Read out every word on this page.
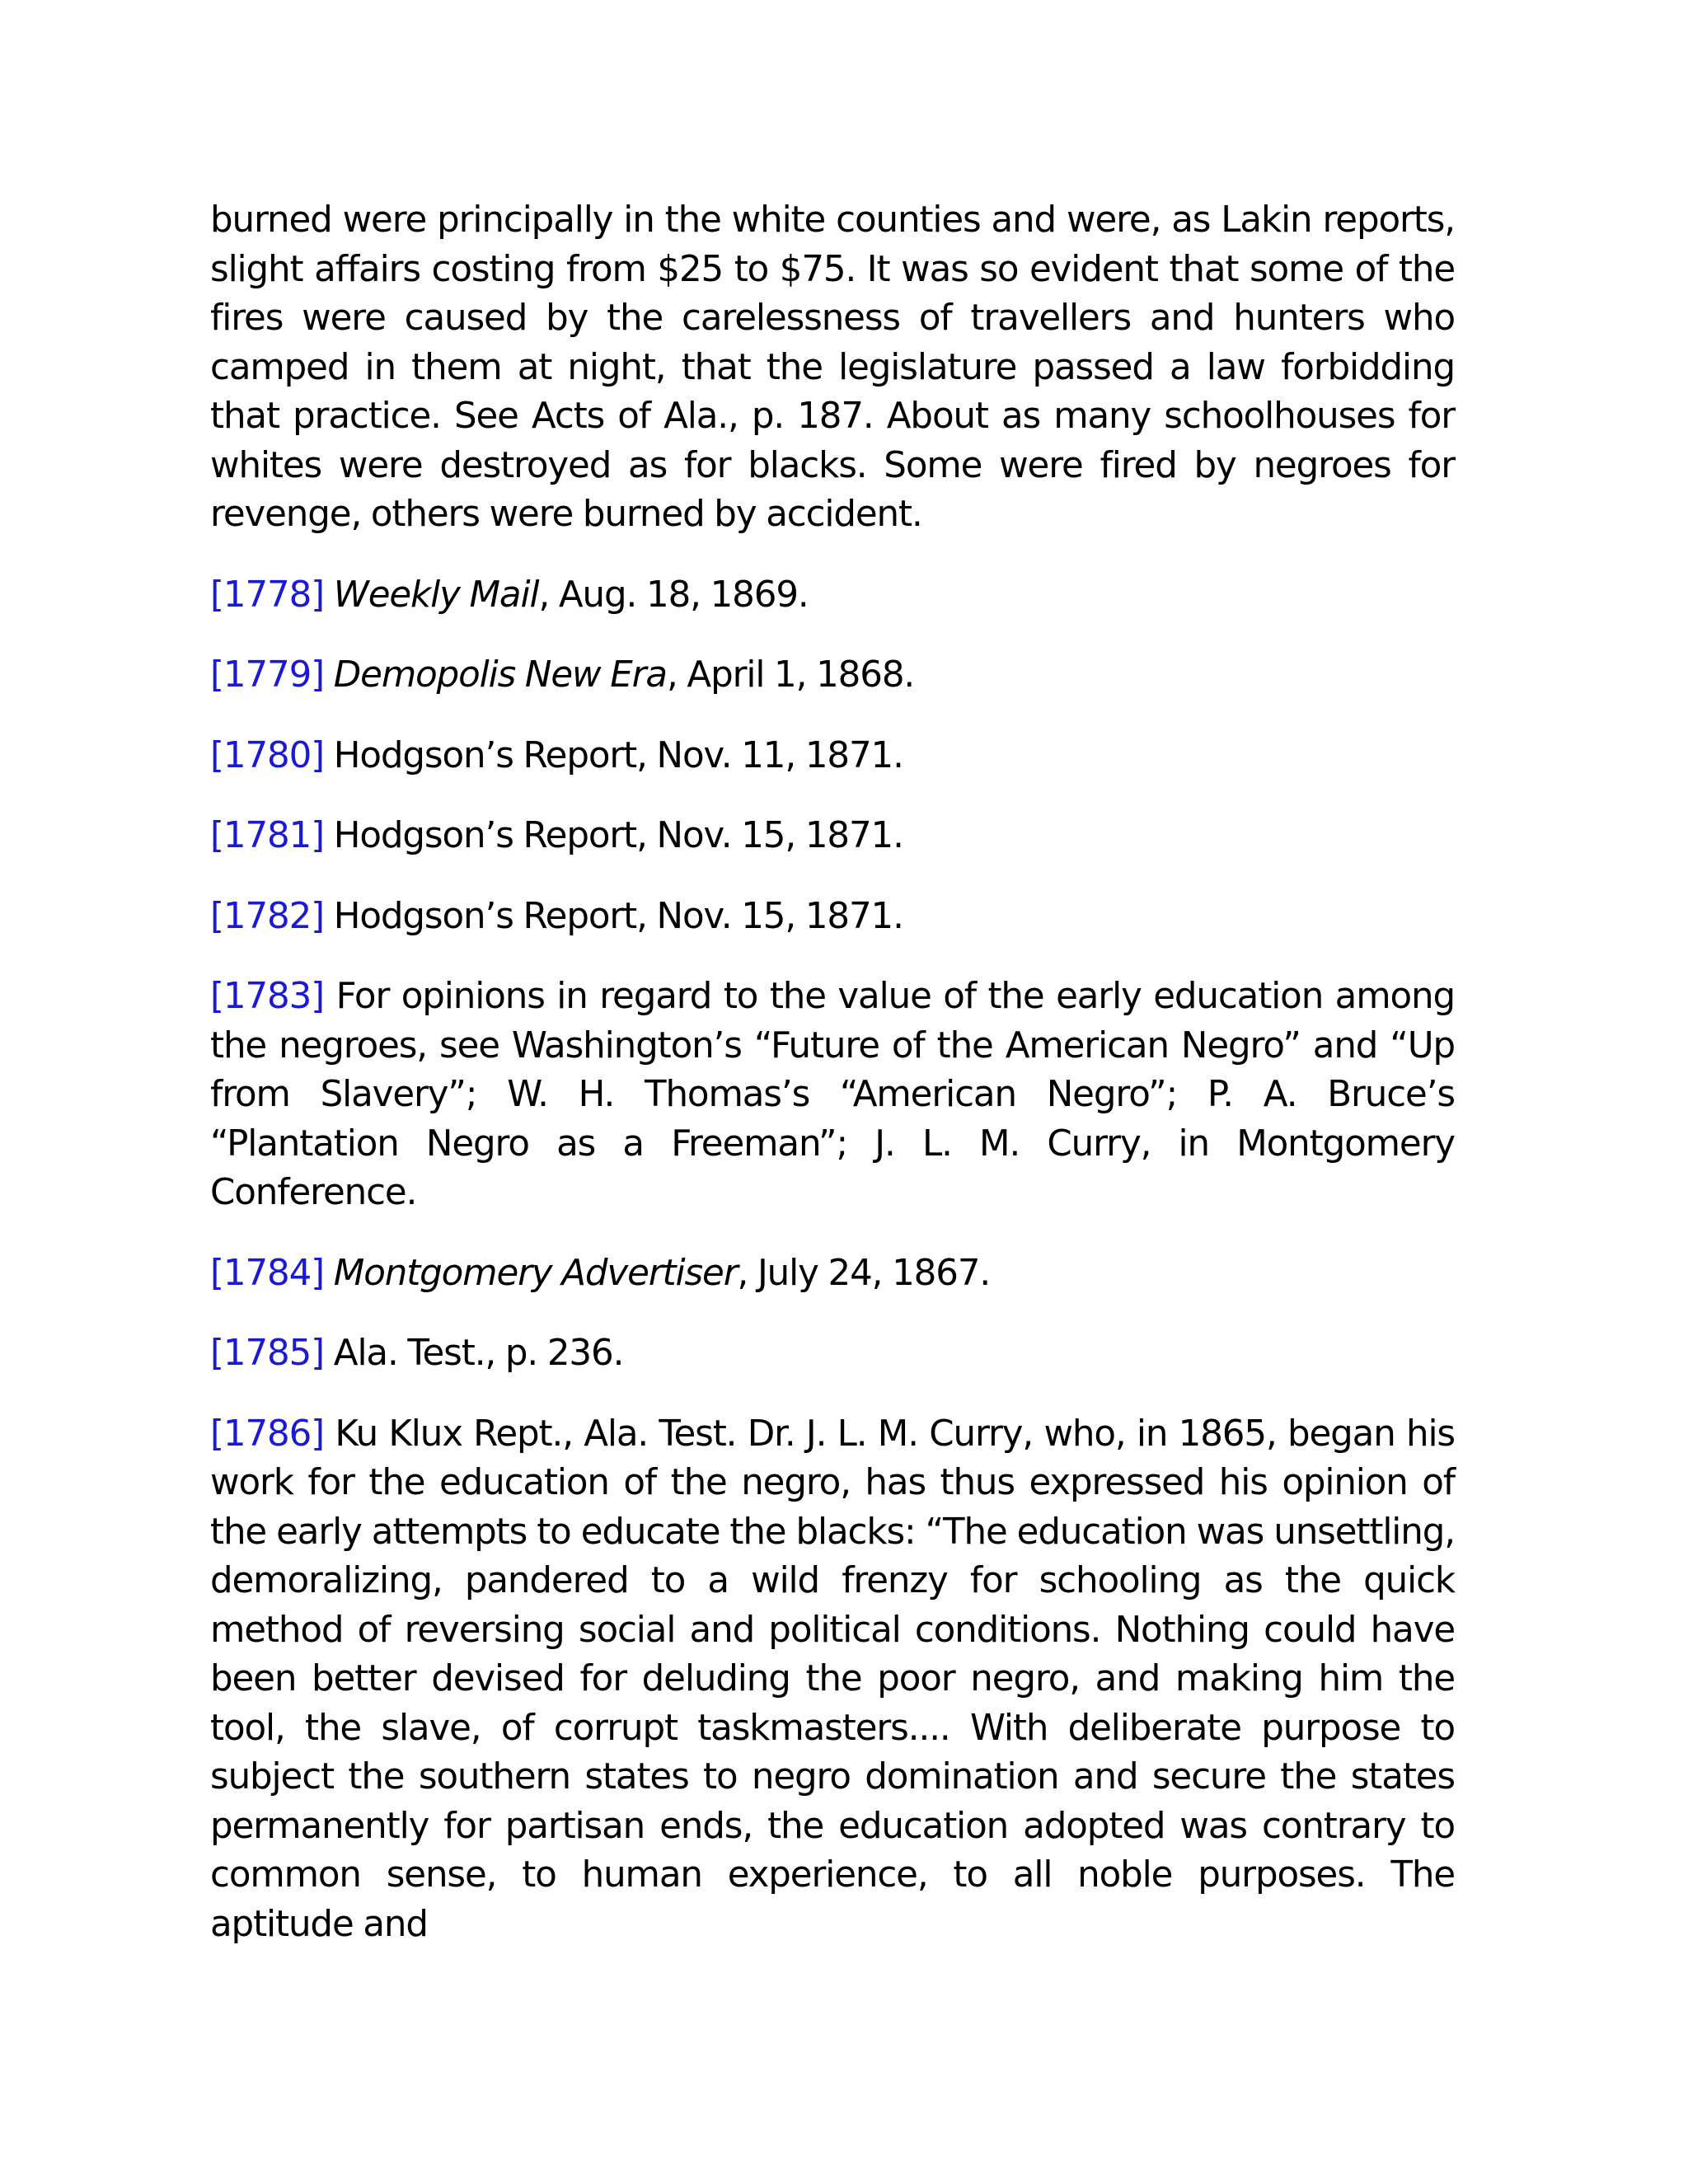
burned were principally in the white counties and were, as Lakin reports, slight affairs costing from $25 to $75. It was so evident that some of the fires were caused by the carelessness of travellers and hunters who camped in them at night, that the legislature passed a law forbidding that practice. See Acts of Ala., p. 187. About as many schoolhouses for whites were destroyed as for blacks. Some were fired by negroes for revenge, others were burned by accident.

[1778] Weekly Mail, Aug. 18, 1869.

[1779] Demopolis New Era, April 1, 1868.

[1780] Hodgson’s Report, Nov. 11, 1871.

[1781] Hodgson’s Report, Nov. 15, 1871.

[1782] Hodgson’s Report, Nov. 15, 1871.

[1783] For opinions in regard to the value of the early education among the negroes, see Washington’s “Future of the American Negro” and “Up from Slavery”; W. H. Thomas’s “American Negro”; P. A. Bruce’s “Plantation Negro as a Freeman”; J. L. M. Curry, in Montgomery Conference.

[1784] Montgomery Advertiser, July 24, 1867.

[1785] Ala. Test., p. 236.

[1786] Ku Klux Rept., Ala. Test. Dr. J. L. M. Curry, who, in 1865, began his work for the education of the negro, has thus expressed his opinion of the early attempts to educate the blacks: “The education was unsettling, demoralizing, pandered to a wild frenzy for schooling as the quick method of reversing social and political conditions. Nothing could have been better devised for deluding the poor negro, and making him the tool, the slave, of corrupt taskmasters.... With deliberate purpose to subject the southern states to negro domination and secure the states permanently for partisan ends, the education adopted was contrary to common sense, to human experience, to all noble purposes. The aptitude and
